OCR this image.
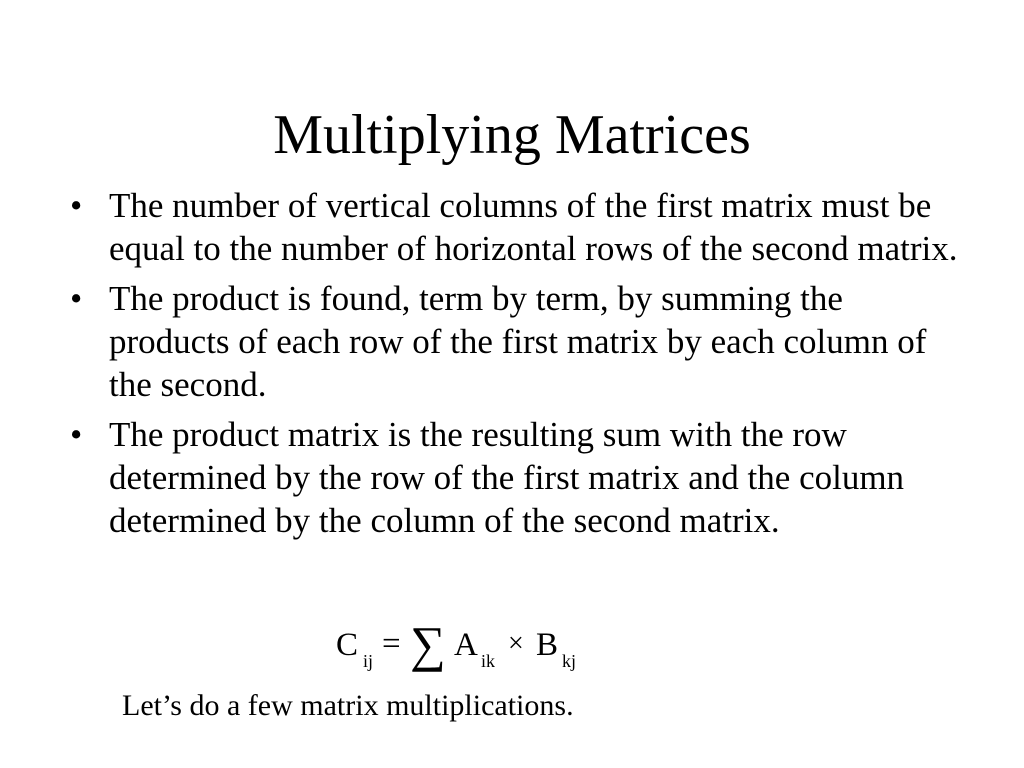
Multiplying Matrices
• The number of vertical columns of the first matrix must be equal to the number of horizontal rows of the second matrix.
• The product is found, term by term, by summing the products of each row of the first matrix by each column of the second.
• The product matrix is the resulting sum with the row determined by the row of the first matrix and the column determined by the column of the second matrix.
C ij = ∑ A ik
× B kj
Let’s do a few matrix multiplications.
